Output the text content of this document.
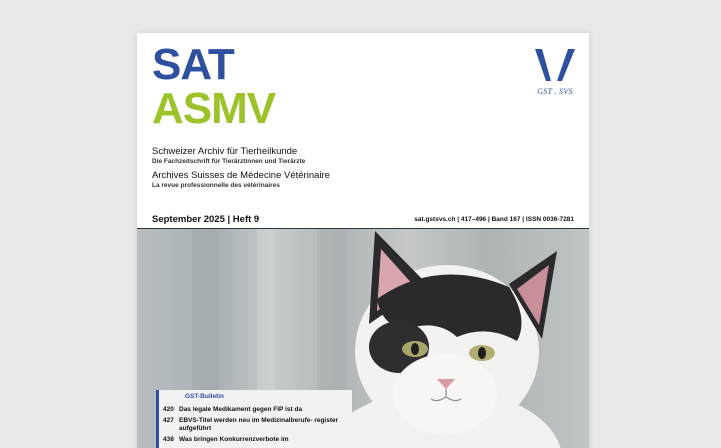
SAT
ASMV	GST . SVS
Schweizer Archiv für Tierheilkunde
Die Fachzeitschrift für Tierärztinnen und Tierärzte
Archives Suisses de Médecine Vétérinaire
La revue professionnelle des vétérinaires
September 2025 | Heft 9	sat.gstsvs.ch | 417–496 | Band 167 | ISSN 0036-7281
GST-Bulletin
420 Das legale Medikament gegen FIP ist da
427 EBVS-Titel werden neu im Medizinalberufe- register aufgeführt
438 Was bringen Konkurrenzverbote im
